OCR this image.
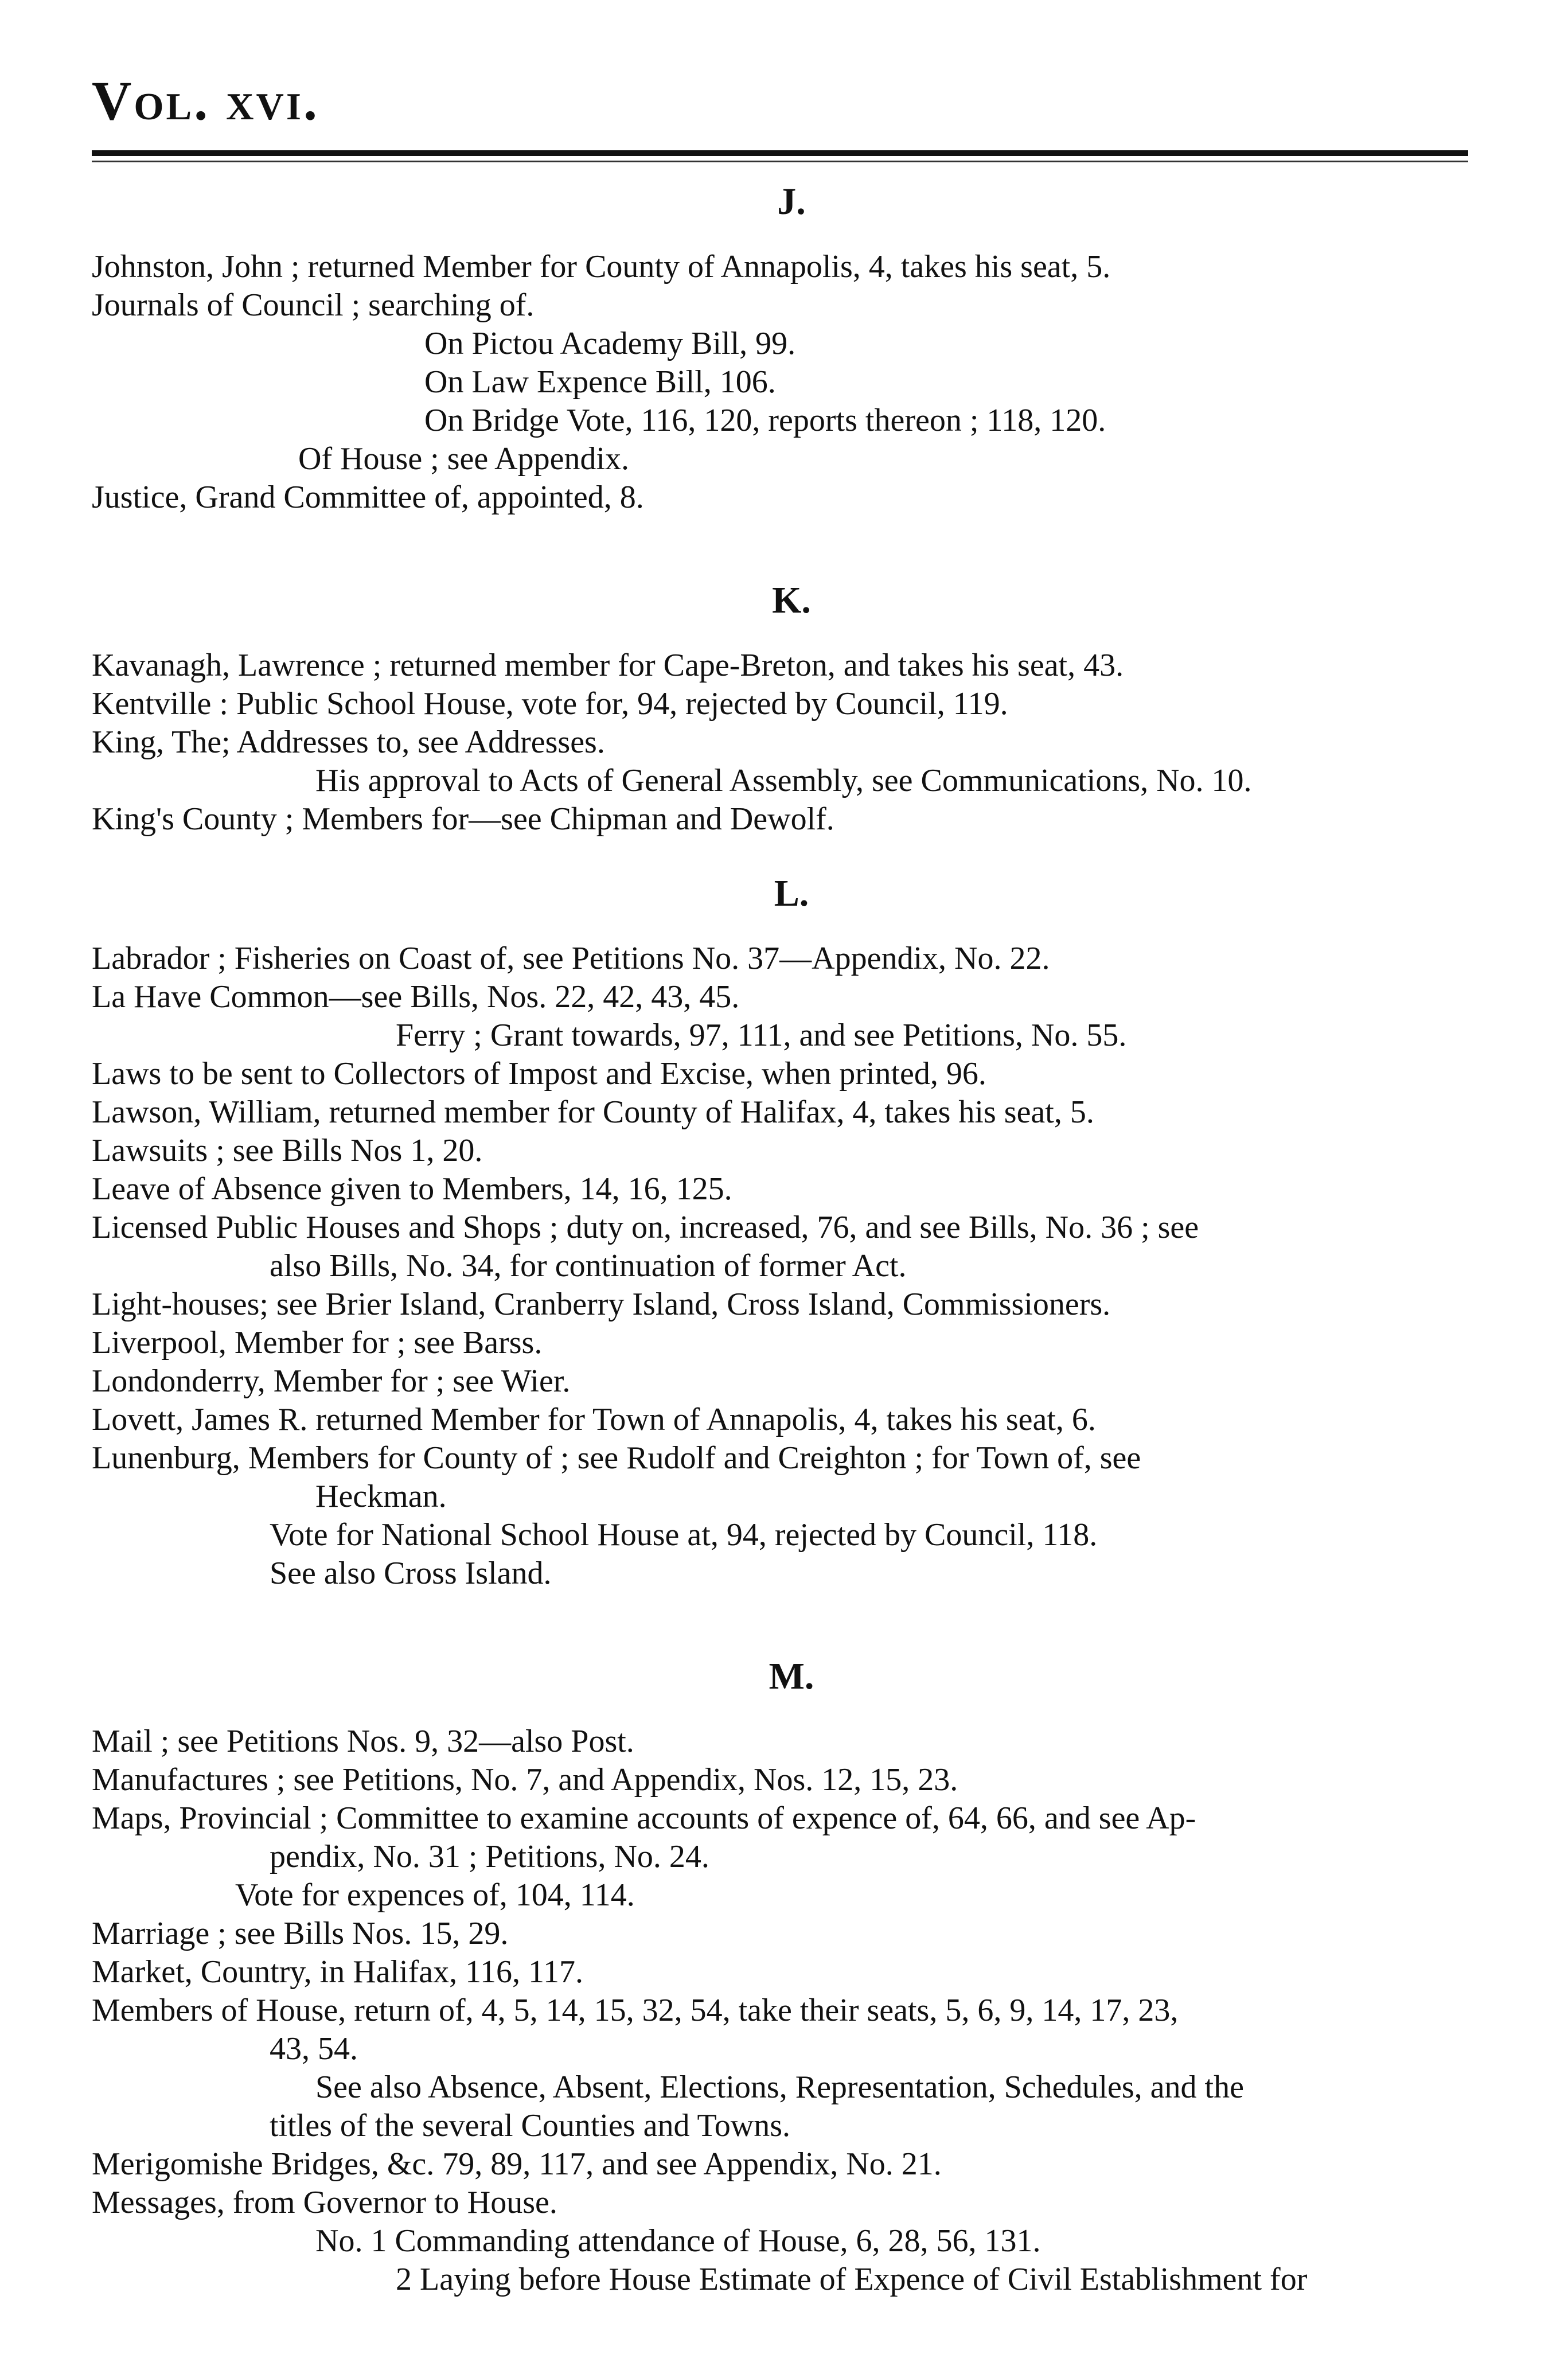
Vol. xvi.
J.

Johnston, John ; returned Member for County of Annapolis, 4, takes his seat, 5.

Journals of Council ; searching of.

On Pictou Academy Bill, 99.

On Law Expence Bill, 106.

On Bridge Vote, 116, 120, reports thereon ; 118, 120.

Of House ; see Appendix.

Justice, Grand Committee of, appointed, 8.

K.

Kavanagh, Lawrence ; returned member for Cape-Breton, and takes his seat, 43.

Kentville : Public School House, vote for, 94, rejected by Council, 119.

King, The; Addresses to, see Addresses.

His approval to Acts of General Assembly, see Communications, No. 10.

King's County ; Members for—see Chipman and Dewolf.

L.

Labrador ; Fisheries on Coast of, see Petitions No. 37—Appendix, No. 22.

La Have Common—see Bills, Nos. 22, 42, 43, 45.

Ferry ; Grant towards, 97, 111, and see Petitions, No. 55.

Laws to be sent to Collectors of Impost and Excise, when printed, 96.

Lawson, William, returned member for County of Halifax, 4, takes his seat, 5.

Lawsuits ; see Bills Nos 1, 20.

Leave of Absence given to Members, 14, 16, 125.

Licensed Public Houses and Shops ; duty on, increased, 76, and see Bills, No. 36 ; see

also Bills, No. 34, for continuation of former Act.

Light-houses; see Brier Island, Cranberry Island, Cross Island, Commissioners.

Liverpool, Member for ; see Barss.

Londonderry, Member for ; see Wier.

Lovett, James R. returned Member for Town of Annapolis, 4, takes his seat, 6.

Lunenburg, Members for County of ; see Rudolf and Creighton ; for Town of, see

Heckman.

Vote for National School House at, 94, rejected by Council, 118.

See also Cross Island.

M.

Mail ; see Petitions Nos. 9, 32—also Post.

Manufactures ; see Petitions, No. 7, and Appendix, Nos. 12, 15, 23.

Maps, Provincial ; Committee to examine accounts of expence of, 64, 66, and see Ap-

pendix, No. 31 ; Petitions, No. 24.

Vote for expences of, 104, 114.

Marriage ; see Bills Nos. 15, 29.

Market, Country, in Halifax, 116, 117.

Members of House, return of, 4, 5, 14, 15, 32, 54, take their seats, 5, 6, 9, 14, 17, 23,

43, 54.

See also Absence, Absent, Elections, Representation, Schedules, and the

titles of the several Counties and Towns.

Merigomishe Bridges, &c. 79, 89, 117, and see Appendix, No. 21.

Messages, from Governor to House.

No. 1 Commanding attendance of House, 6, 28, 56, 131.

2 Laying before House Estimate of Expence of Civil Establishment for
